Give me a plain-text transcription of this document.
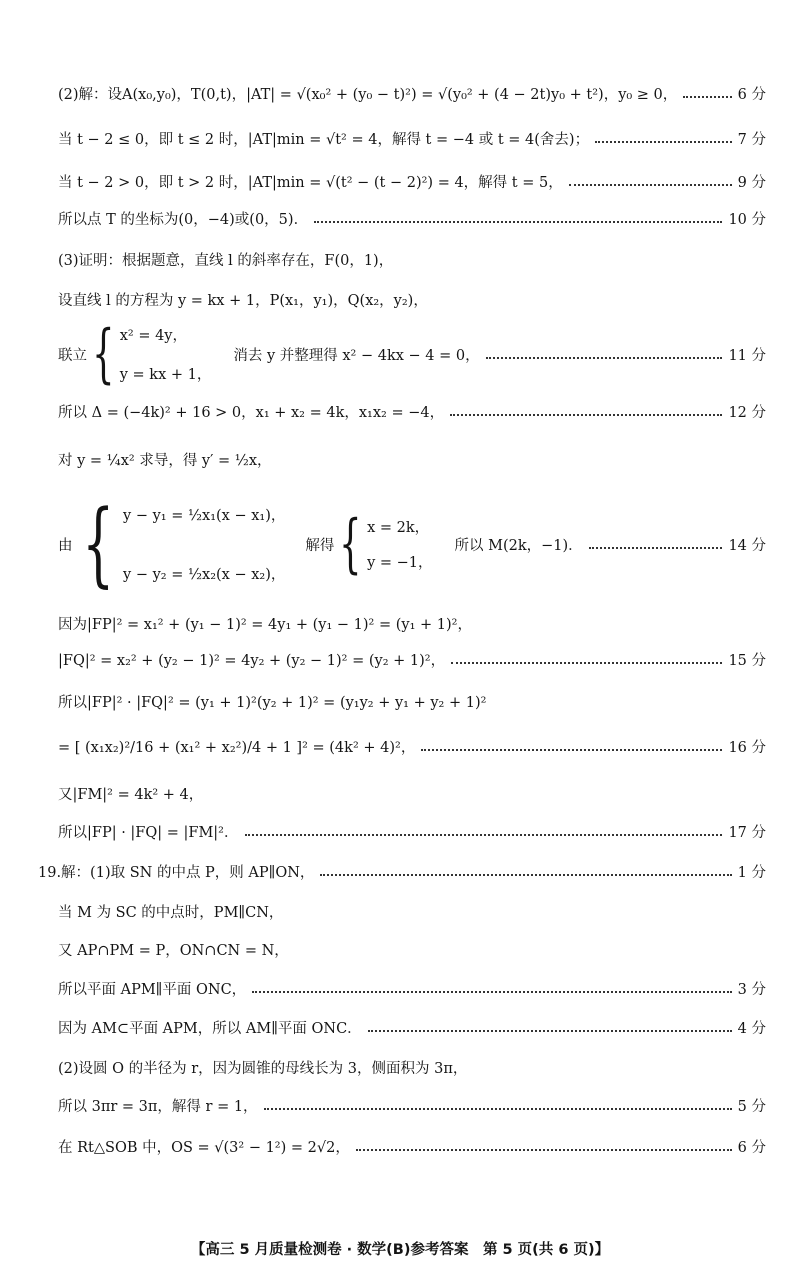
(2)解：设A(x₀,y₀)，T(0,t)，|AT| = √(x₀² + (y₀ − t)²) = √(y₀² + (4 − 2t)y₀ + t²)，y₀ ≥ 0，	6 分
当 t − 2 ≤ 0，即 t ≤ 2 时，|AT|min = √t² = 4，解得 t = −4 或 t = 4(舍去)；	7 分
当 t − 2 > 0，即 t > 2 时，|AT|min = √(t² − (t − 2)²) = 4，解得 t = 5，	9 分
所以点 T 的坐标为(0，−4)或(0，5)．	10 分
(3)证明：根据题意，直线 l 的斜率存在，F(0，1)，
设直线 l 的方程为 y = kx + 1，P(x₁，y₁)，Q(x₂，y₂)，
联立 { x² = 4y，
y = kx + 1，
消去 y 并整理得 x² − 4kx − 4 = 0，	11 分
所以 Δ = (−4k)² + 16 > 0，x₁ + x₂ = 4k，x₁x₂ = −4，	12 分
对 y = ¼x² 求导，得 y′ = ½x，
由 { y − y₁ = ½x₁(x − x₁)，
y − y₂ = ½x₂(x − x₂)，
解得 { x = 2k，
y = −1，
所以 M(2k，−1)．	14 分
因为|FP|² = x₁² + (y₁ − 1)² = 4y₁ + (y₁ − 1)² = (y₁ + 1)²，
|FQ|² = x₂² + (y₂ − 1)² = 4y₂ + (y₂ − 1)² = (y₂ + 1)²，	15 分
所以|FP|² · |FQ|² = (y₁ + 1)²(y₂ + 1)² = (y₁y₂ + y₁ + y₂ + 1)²
= [ (x₁x₂)²/16 + (x₁² + x₂²)/4 + 1 ]² = (4k² + 4)²，	16 分
又|FM|² = 4k² + 4，
所以|FP| · |FQ| = |FM|²．	17 分
19.解：(1)取 SN 的中点 P，则 AP∥ON，	1 分
当 M 为 SC 的中点时，PM∥CN，
又 AP∩PM = P，ON∩CN = N，
所以平面 APM∥平面 ONC，	3 分
因为 AM⊂平面 APM，所以 AM∥平面 ONC．	4 分
(2)设圆 O 的半径为 r，因为圆锥的母线长为 3，侧面积为 3π，
所以 3πr = 3π，解得 r = 1，	5 分
在 Rt△SOB 中，OS = √(3² − 1²) = 2√2，	6 分
【高三 5 月质量检测卷 · 数学(B)参考答案　第 5 页(共 6 页)】
